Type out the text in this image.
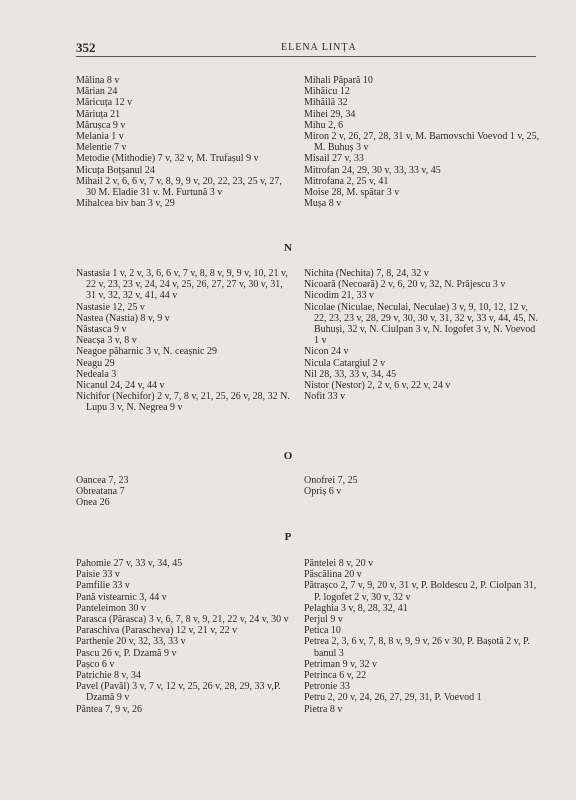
352	ELENA LINȚA

Mălina 8 v

Mărian 24

Măricuța 12 v

Măriuța 21

Mărușca 9 v

Melania 1 v

Melentie 7 v

Metodie (Mithodie) 7 v, 32 v, M. Trufașul 9 v

Micuța Boțșanul 24

Mihail 2 v, 6, 6 v, 7 v, 8, 9, 9 v, 20, 22, 23, 25 v, 27, 30 M. Eladie 31 v. M. Furtună 3 v

Mihalcea biv ban 3 v, 29

Mihali Păpară 10

Mihăicu 12

Mihăilă 32

Mihei 29, 34

Mihu 2, 6

Miron 2 v, 26, 27, 28, 31 v, M. Barnovschi Voevod 1 v, 25, M. Buhuș 3 v

Misail 27 v, 33

Mitrofan 24, 29, 30 v, 33, 33 v, 45

Mitrofana 2, 25 v, 41

Moise 28, M. spătar 3 v

Mușa 8 v

N

Nastasia 1 v, 2 v, 3, 6, 6 v, 7 v, 8, 8 v, 9, 9 v, 10, 21 v, 22 v, 23, 23 v, 24, 24 v, 25, 26, 27, 27 v, 30 v, 31, 31 v, 32, 32 v, 41, 44 v

Nastasie 12, 25 v

Nastea (Nastia) 8 v, 9 v

Năstasca 9 v

Neacșa 3 v, 8 v

Neagoe păharnic 3 v, N. ceașnic 29

Neagu 29

Nedeala 3

Nicanul 24, 24 v, 44 v

Nichifor (Nechifor) 2 v, 7, 8 v, 21, 25, 26 v, 28, 32 N. Lupu 3 v, N. Negrea 9 v

Nichita (Nechita) 7, 8, 24, 32 v

Nicoară (Necoară) 2 v, 6, 20 v, 32, N. Prăjescu 3 v

Nicodim 21, 33 v

Nicolae (Niculae, Neculai, Neculae) 3 v, 9, 10, 12, 12 v, 22, 23, 23 v, 28, 29 v, 30, 30 v, 31, 32 v, 33 v, 44, 45, N. Buhuși, 32 v, N. Ciulpan 3 v, N. Iogofet 3 v, N. Voevod 1 v

Nicon 24 v

Nicula Catargiul 2 v

Nil 28, 33, 33 v, 34, 45

Nistor (Nestor) 2, 2 v, 6 v, 22 v, 24 v

Nofit 33 v

O

Oancea 7, 23

Obreatana 7

Onea 26

Onofrei 7, 25

Opriș 6 v

P

Pahomie 27 v, 33 v, 34, 45

Paisie 33 v

Pamfilie 33 v

Pană vistearnic 3, 44 v

Panteleimon 30 v

Parasca (Părasca) 3 v, 6, 7, 8 v, 9, 21, 22 v, 24 v, 30 v

Paraschiva (Parascheva) 12 v, 21 v, 22 v

Parthenie 20 v, 32, 33, 33 v

Pascu 26 v, P. Dzamă 9 v

Pașco 6 v

Patrichie 8 v, 34

Pavel (Pavăl) 3 v, 7 v, 12 v, 25, 26 v, 28, 29, 33 v,P. Dzamă 9 v

Păntea 7, 9 v, 26

Păntelei 8 v, 20 v

Păscălina 20 v

Pătrașco 2, 7 v, 9, 20 v, 31 v, P. Boldescu 2, P. Ciolpan 31, P. logofet 2 v, 30 v, 32 v

Pelaghia 3 v, 8, 28, 32, 41

Perjul 9 v

Petica 10

Petrea 2, 3, 6 v, 7, 8, 8 v, 9, 9 v, 26 v 30, P. Bașotă 2 v, P. banul 3

Petriman 9 v, 32 v

Petrinca 6 v, 22

Petronie 33

Petru 2, 20 v, 24, 26, 27, 29, 31, P. Voevod 1

Pietra 8 v
